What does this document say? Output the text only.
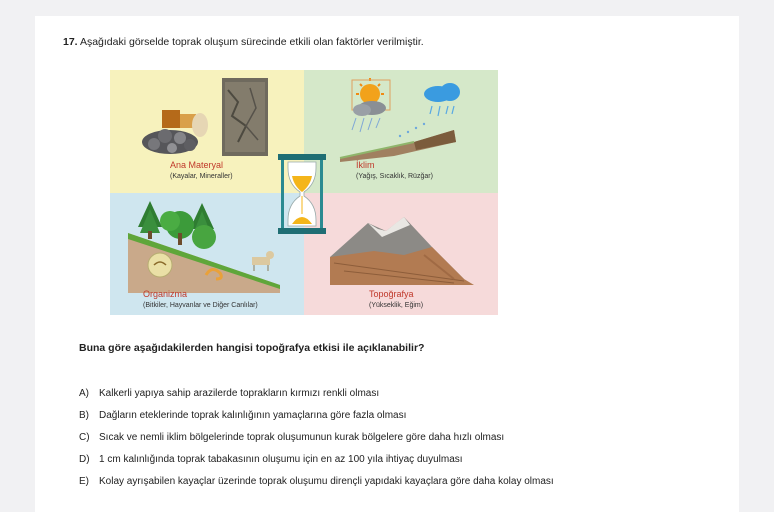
17. Aşağıdaki görselde toprak oluşum sürecinde etkili olan faktörler verilmiştir.
Ana Materyal
(Kayalar, Mineraller)
İklim
(Yağış, Sıcaklık, Rüzğar)
Organizma
(Bitkiler, Hayvanlar ve Diğer Canlılar)
Topoğrafya
(Yükseklik, Eğim)
Buna göre aşağıdakilerden hangisi topoğrafya etkisi ile açıklanabilir?
A) Kalkerli yapıya sahip arazilerde toprakların kırmızı renkli olması
B) Dağların eteklerinde toprak kalınlığının yamaçlarına göre fazla olması
C) Sıcak ve nemli iklim bölgelerinde toprak oluşumunun kurak bölgelere göre daha hızlı olması
D) 1 cm kalınlığında toprak tabakasının oluşumu için en az 100 yıla ihtiyaç duyulması
E) Kolay ayrışabilen kayaçlar üzerinde toprak oluşumu dirençli yapıdaki kayaçlara göre daha kolay olması
